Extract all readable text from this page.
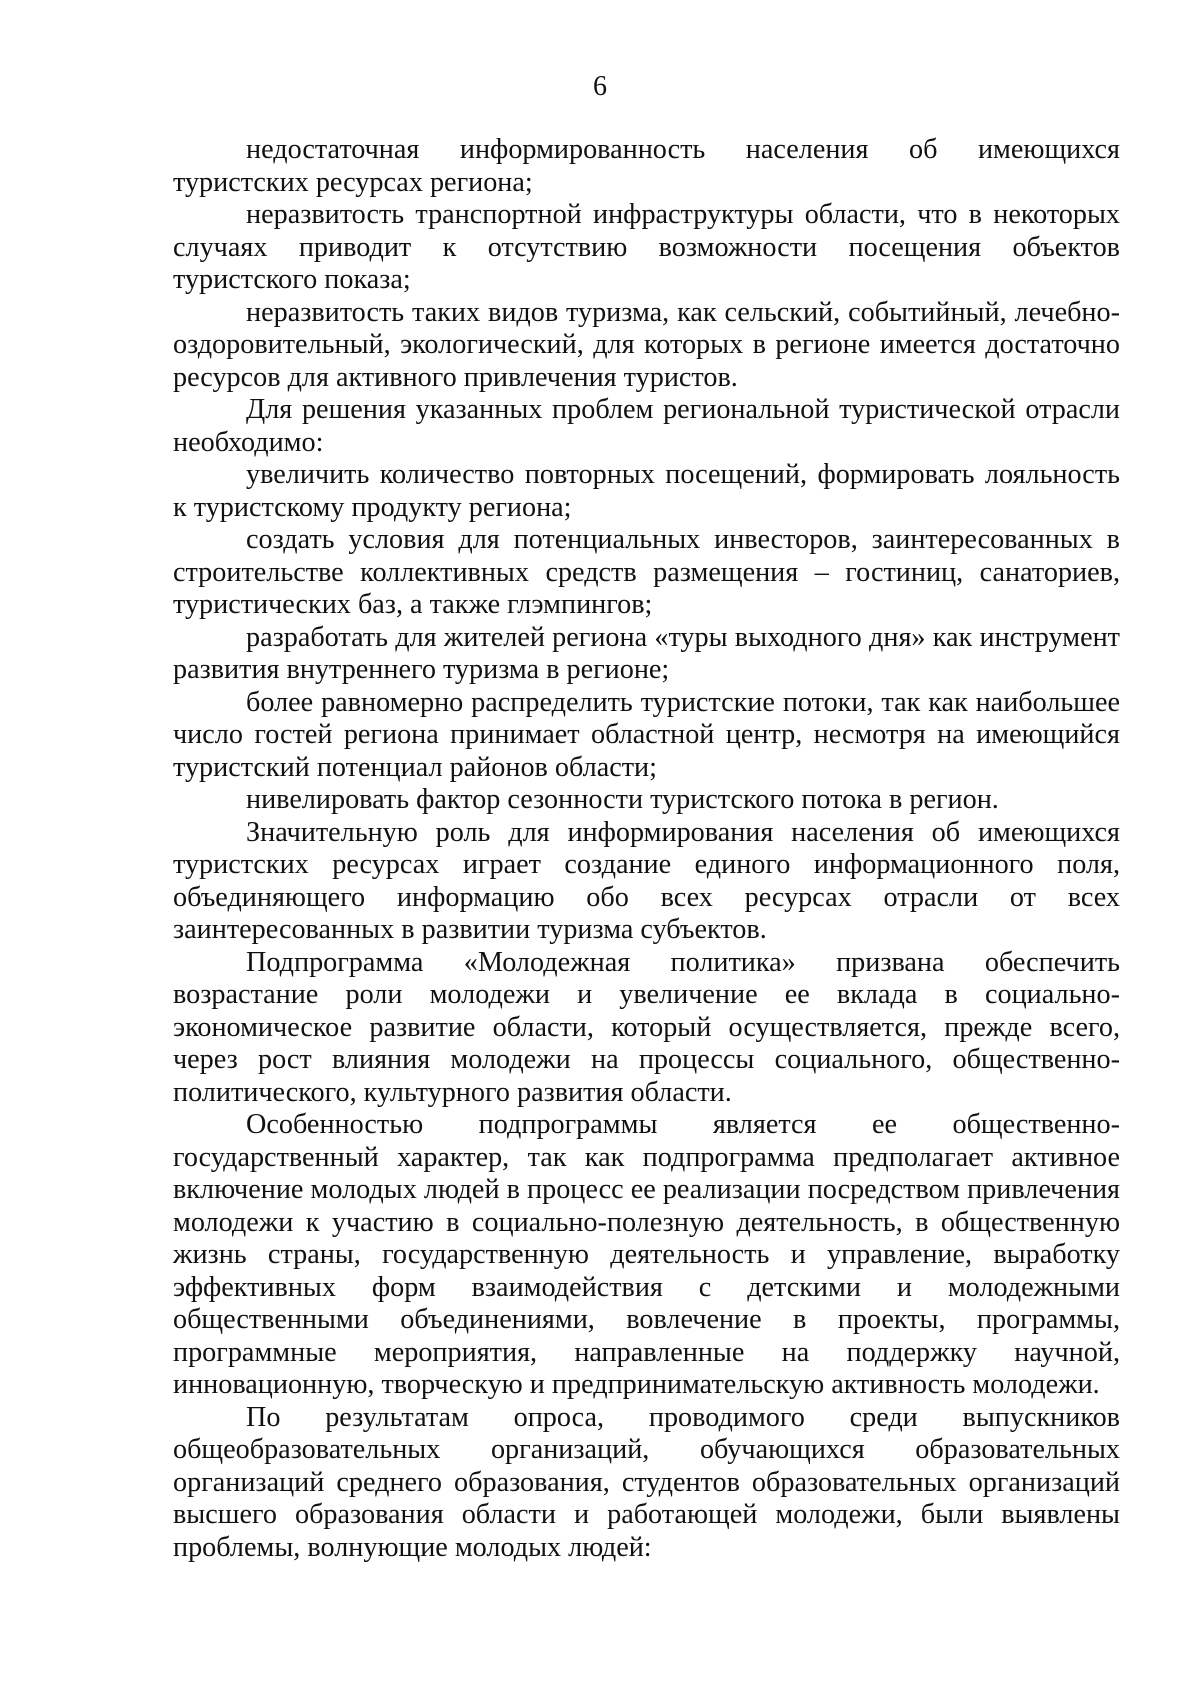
6

недостаточная информированность населения об имеющихся туристских ресурсах региона;

неразвитость транспортной инфраструктуры области, что в некоторых случаях приводит к отсутствию возможности посещения объектов туристского показа;

неразвитость таких видов туризма, как сельский, событийный, лечебно-оздоровительный, экологический, для которых в регионе имеется достаточно ресурсов для активного привлечения туристов.

Для решения указанных проблем региональной туристической отрасли необходимо:

увеличить количество повторных посещений, формировать лояльность к туристскому продукту региона;

создать условия для потенциальных инвесторов, заинтересованных в строительстве коллективных средств размещения – гостиниц, санаториев, туристических баз, а также глэмпингов;

разработать для жителей региона «туры выходного дня» как инструмент развития внутреннего туризма в регионе;

более равномерно распределить туристские потоки, так как наибольшее число гостей региона принимает областной центр, несмотря на имеющийся туристский потенциал районов области;

нивелировать фактор сезонности туристского потока в регион.

Значительную роль для информирования населения об имеющихся туристских ресурсах играет создание единого информационного поля, объединяющего информацию обо всех ресурсах отрасли от всех заинтересованных в развитии туризма субъектов.

Подпрограмма «Молодежная политика» призвана обеспечить возрастание роли молодежи и увеличение ее вклада в социально-экономическое развитие области, который осуществляется, прежде всего, через рост влияния молодежи на процессы социального, общественно-политического, культурного развития области.

Особенностью подпрограммы является ее общественно-государственный характер, так как подпрограмма предполагает активное включение молодых людей в процесс ее реализации посредством привлечения молодежи к участию в социально-полезную деятельность, в общественную жизнь страны, государственную деятельность и управление, выработку эффективных форм взаимодействия с детскими и молодежными общественными объединениями, вовлечение в проекты, программы, программные мероприятия, направленные на поддержку научной, инновационную, творческую и предпринимательскую активность молодежи.

По результатам опроса, проводимого среди выпускников общеобразовательных организаций, обучающихся образовательных организаций среднего образования, студентов образовательных организаций высшего образования области и работающей молодежи, были выявлены проблемы, волнующие молодых людей:
